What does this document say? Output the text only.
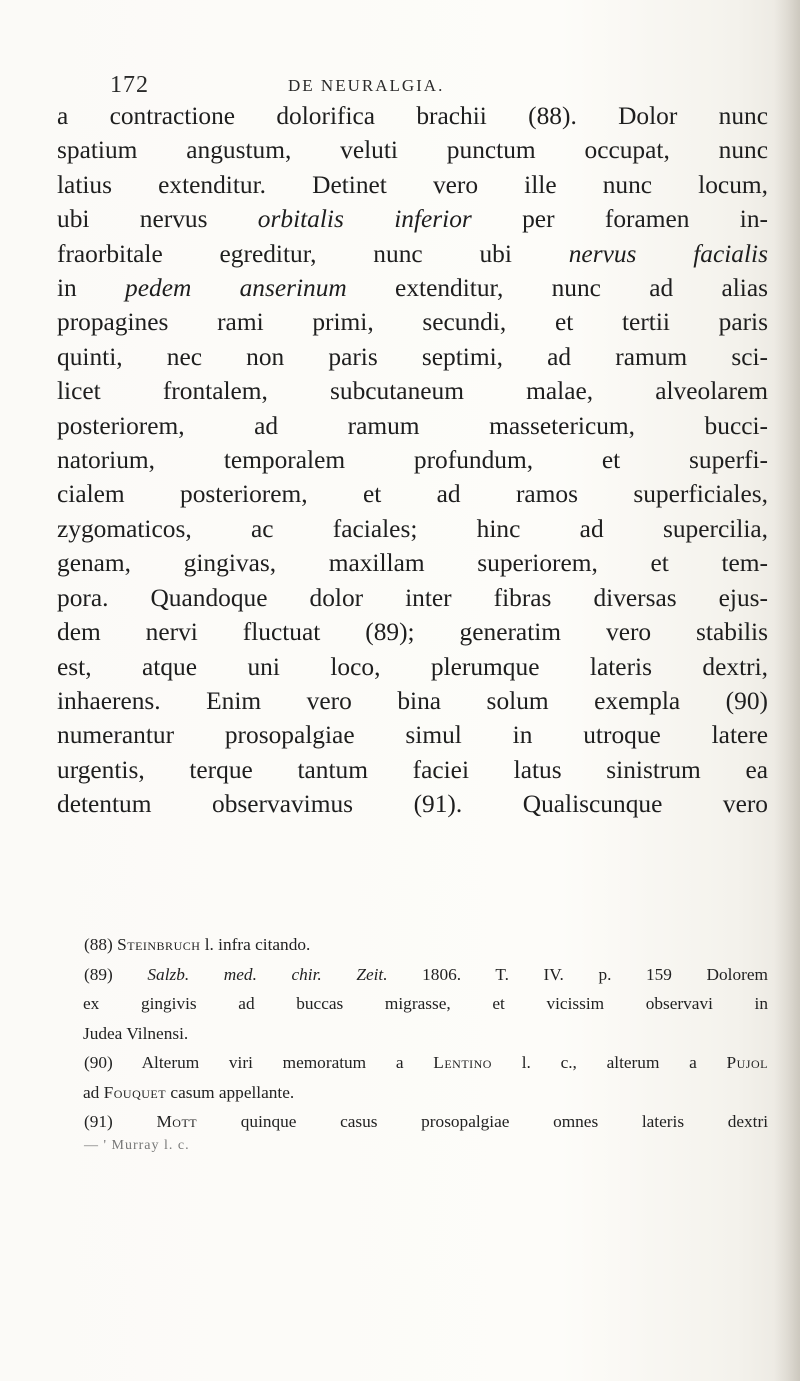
172	DE NEURALGIA.
a contractione dolorifica brachii (88). Dolor nunc
spatium angustum, veluti punctum occupat, nunc
latius extenditur. Detinet vero ille nunc locum,
ubi nervus orbitalis inferior per foramen in-
fraorbitale egreditur, nunc ubi nervus facialis
in pedem anserinum extenditur, nunc ad alias
propagines rami primi, secundi, et tertii paris
quinti, nec non paris septimi, ad ramum sci-
licet frontalem, subcutaneum malae, alveolarem
posteriorem, ad ramum massetericum, bucci-
natorium, temporalem profundum, et superfi-
cialem posteriorem, et ad ramos superficiales,
zygomaticos, ac faciales; hinc ad supercilia,
genam, gingivas, maxillam superiorem, et tem-
pora. Quandoque dolor inter fibras diversas ejus-
dem nervi fluctuat (89); generatim vero stabilis
est, atque uni loco, plerumque lateris dextri,
inhaerens. Enim vero bina solum exempla (90)
numerantur prosopalgiae simul in utroque latere
urgentis, terque tantum faciei latus sinistrum ea
detentum observavimus (91). Qualiscunque vero
(88) Steinbruch l. infra citando.
(89) Salzb. med. chir. Zeit. 1806. T. IV. p. 159 Dolorem
ex gingivis ad buccas migrasse, et vicissim observavi in
Judea Vilnensi.
(90) Alterum viri memoratum a Lentino l. c., alterum a Pujol
ad Fouquet casum appellante.
(91)	Mott	quinque casus prosopalgiae omnes lateris dextri
— ' Murray l. c.
